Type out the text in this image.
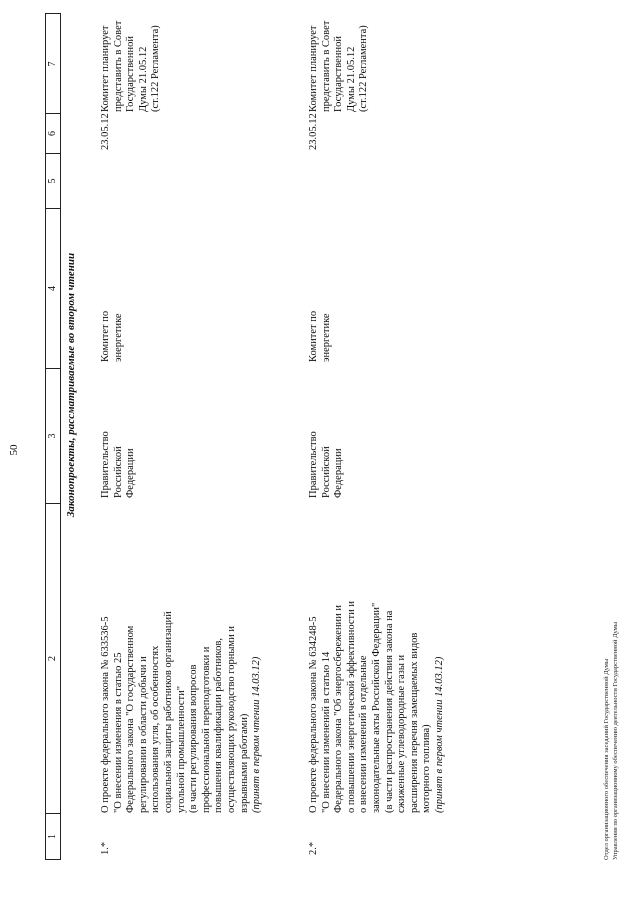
50
1
2
3
4
5
6
7
Законопроекты, рассматриваемые во втором чтении
1.*
О проекте федерального закона № 633536-5 "О внесении изменения в статью 25 Федерального закона "О государственном регулировании в области добычи и использования угля, об особенностях социальной защиты работников организаций угольной промышленности" (в части регулирования вопросов профессиональной переподготовки и повышения квалификации работников, осуществляющих руководство горными и взрывными работами) (принят в первом чтении 14.03.12)
Правительство Российской Федерации
Комитет по энергетике
23.05.12
Комитет планирует представить в Совет Государственной Думы 21.05.12 (ст.122 Регламента)
2.*
О проекте федерального закона № 634248-5 "О внесении изменений в статью 14 Федерального закона "Об энергосбережении и о повышении энергетической эффективности и о внесении изменений в отдельные законодательные акты Российской Федерации" (в части распространения действия закона на сжиженные углеводородные газы и расширения перечня замещаемых видов моторного топлива) (принят в первом чтении 14.03.12)
Правительство Российской Федерации
Комитет по энергетике
23.05.12
Комитет планирует представить в Совет Государственной Думы 21.05.12 (ст.122 Регламента)
Отдел организационного обеспечения заседаний Государственной Думы Управления по организационному обеспечению деятельности Государственной Думы
